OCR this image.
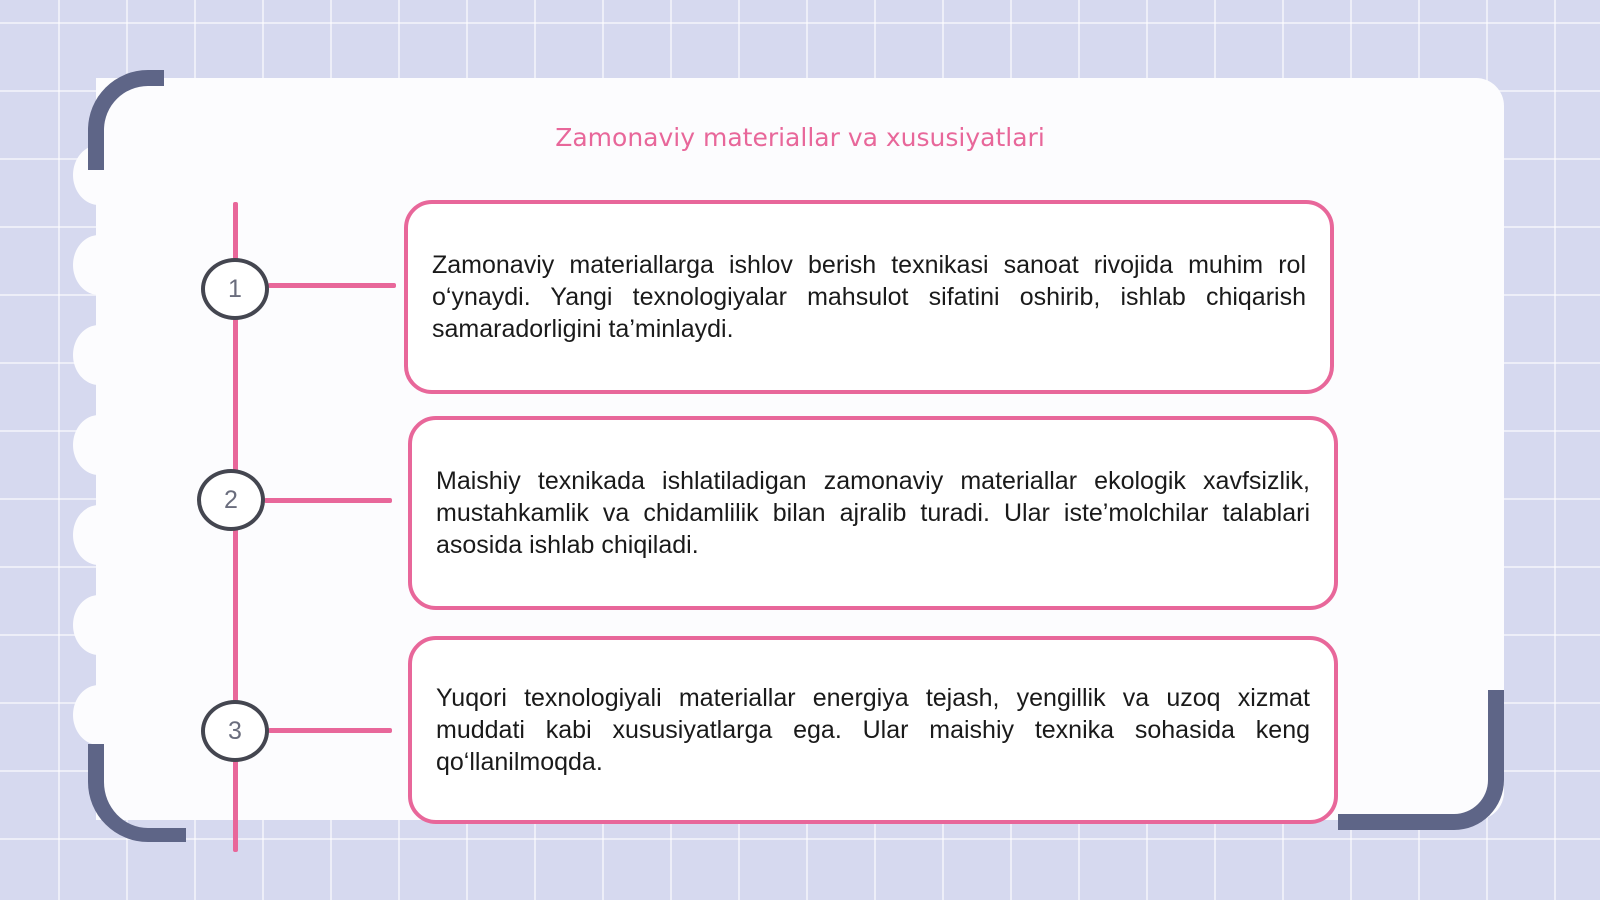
Zamonaviy materiallar va xususiyatlari
1
2
3

Zamonaviy materiallarga ishlov berish texnikasi sanoat rivojida muhim rol o‘ynaydi. Yangi texnologiyalar mahsulot sifatini oshirib, ishlab chiqarish samaradorligini ta’minlaydi.

Maishiy texnikada ishlatiladigan zamonaviy materiallar ekologik xavfsizlik, mustahkamlik va chidamlilik bilan ajralib turadi. Ular iste’molchilar talablari asosida ishlab chiqiladi.

Yuqori texnologiyali materiallar energiya tejash, yengillik va uzoq xizmat muddati kabi xususiyatlarga ega. Ular maishiy texnika sohasida keng qo‘llanilmoqda.
